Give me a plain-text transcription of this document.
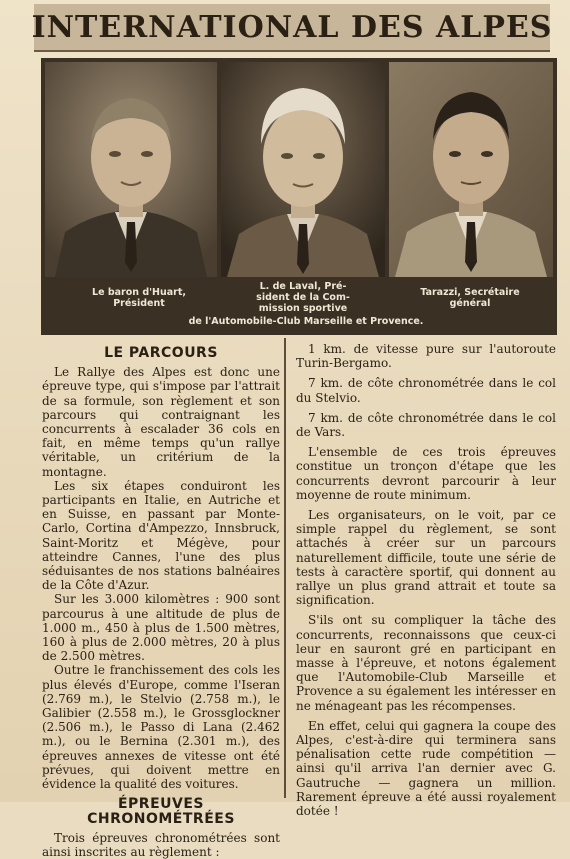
INTERNATIONAL DES ALPES
Le baron d'Huart,
Président
L. de Laval, Pré-
sident de la Com-
mission sportive
Tarazzi, Secrétaire
général
de l'Automobile-Club Marseille et Provence.
LE PARCOURS

Le Rallye des Alpes est donc une épreuve type, qui s'impose par l'attrait de sa formule, son règlement et son parcours qui contraignant les concurrents à escalader 36 cols en fait, en même temps qu'un rallye véritable, un critérium de la montagne.

Les six étapes conduiront les participants en Italie, en Autriche et en Suisse, en passant par Monte-Carlo, Cortina d'Ampezzo, Innsbruck, Saint-Moritz et Mégève, pour atteindre Cannes, l'une des plus séduisantes de nos stations balnéaires de la Côte d'Azur.

Sur les 3.000 kilomètres : 900 sont parcourus à une altitude de plus de 1.000 m., 450 à plus de 1.500 mètres, 160 à plus de 2.000 mètres, 20 à plus de 2.500 mètres.

Outre le franchissement des cols les plus élevés d'Europe, comme l'Iseran (2.769 m.), le Stelvio (2.758 m.), le Galibier (2.558 m.), le Grossglockner (2.506 m.), le Passo di Lana (2.462 m.), ou le Bernina (2.301 m.), des épreuves annexes de vitesse ont été prévues, qui doivent mettre en évidence la qualité des voitures.

ÉPREUVES CHRONOMÉTRÉES

Trois épreuves chronométrées sont ainsi inscrites au règlement :

1 km. de vitesse pure sur l'autoroute Turin-Bergamo.

7 km. de côte chronométrée dans le col du Stelvio.

7 km. de côte chronométrée dans le col de Vars.

L'ensemble de ces trois épreuves constitue un tronçon d'étape que les concurrents devront parcourir à leur moyenne de route minimum.

Les organisateurs, on le voit, par ce simple rappel du règlement, se sont attachés à créer sur un parcours naturellement difficile, toute une série de tests à caractère sportif, qui donnent au rallye un plus grand attrait et toute sa signification.

S'ils ont su compliquer la tâche des concurrents, reconnaissons que ceux-ci leur en sauront gré en participant en masse à l'épreuve, et notons également que l'Automobile-Club Marseille et Provence a su également les intéresser en ne ménageant pas les récompenses.

En effet, celui qui gagnera la coupe des Alpes, c'est-à-dire qui terminera sans pénalisation cette rude compétition — ainsi qu'il arriva l'an dernier avec G. Gautruche — gagnera un million. Rarement épreuve a été aussi royalement dotée !
